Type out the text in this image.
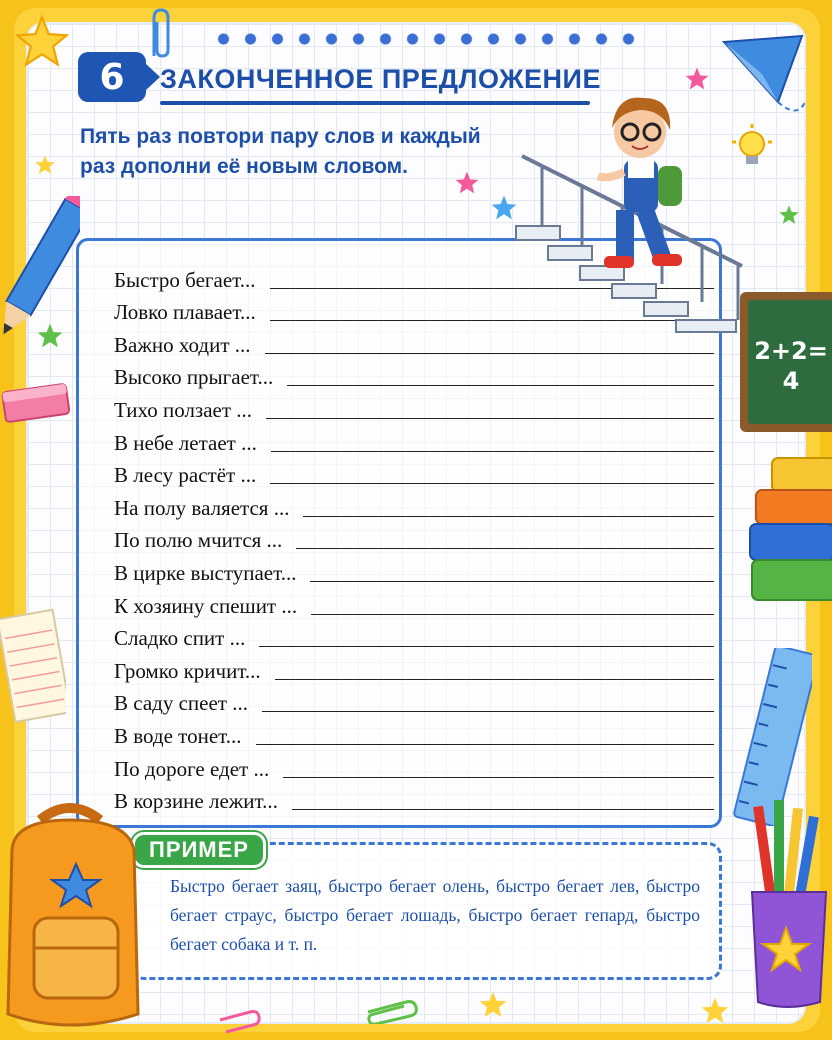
6	ЗАКОНЧЕННОЕ ПРЕДЛОЖЕНИЕ
Пять раз повтори пару слов и каждый раз дополни её новым словом.
Быстро бегает...
Ловко плавает...
Важно ходит ...
Высоко прыгает...
Тихо ползает ...
В небе летает ...
В лесу растёт ...
На полу валяется ...
По полю мчится ...
В цирке выступает...
К хозяину спешит ...
Сладко спит ...
Громко кричит...
В саду спеет ...
В воде тонет...
По дороге едет ...
В корзине лежит...
ПРИМЕР
Быстро бегает заяц, быстро бегает олень, быстро бегает лев, быстро бегает страус, быстро бегает лошадь, быстро бегает гепард, быстро бегает собака и т. п.
2+2=
4
